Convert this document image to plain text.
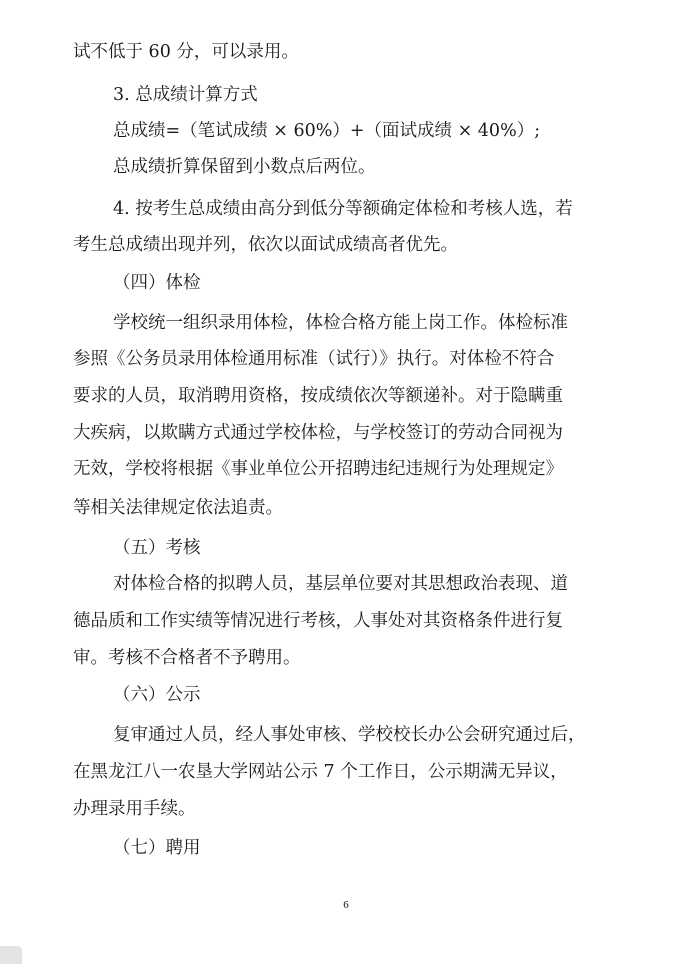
试不低于 60 分，可以录用。
3. 总成绩计算方式
总成绩=（笔试成绩 × 60%）+（面试成绩 × 40%）;
总成绩折算保留到小数点后两位。
4. 按考生总成绩由高分到低分等额确定体检和考核人选，若
考生总成绩出现并列，依次以面试成绩高者优先。
（四）体检
学校统一组织录用体检，体检合格方能上岗工作。体检标准
参照《公务员录用体检通用标准（试行）》执行。对体检不符合
要求的人员，取消聘用资格，按成绩依次等额递补。对于隐瞒重
大疾病，以欺瞒方式通过学校体检，与学校签订的劳动合同视为
无效，学校将根据《事业单位公开招聘违纪违规行为处理规定》
等相关法律规定依法追责。
（五）考核
对体检合格的拟聘人员，基层单位要对其思想政治表现、道
德品质和工作实绩等情况进行考核，人事处对其资格条件进行复
审。考核不合格者不予聘用。
（六）公示
复审通过人员，经人事处审核、学校校长办公会研究通过后，
在黑龙江八一农垦大学网站公示 7 个工作日，公示期满无异议，
办理录用手续。
（七）聘用
6
